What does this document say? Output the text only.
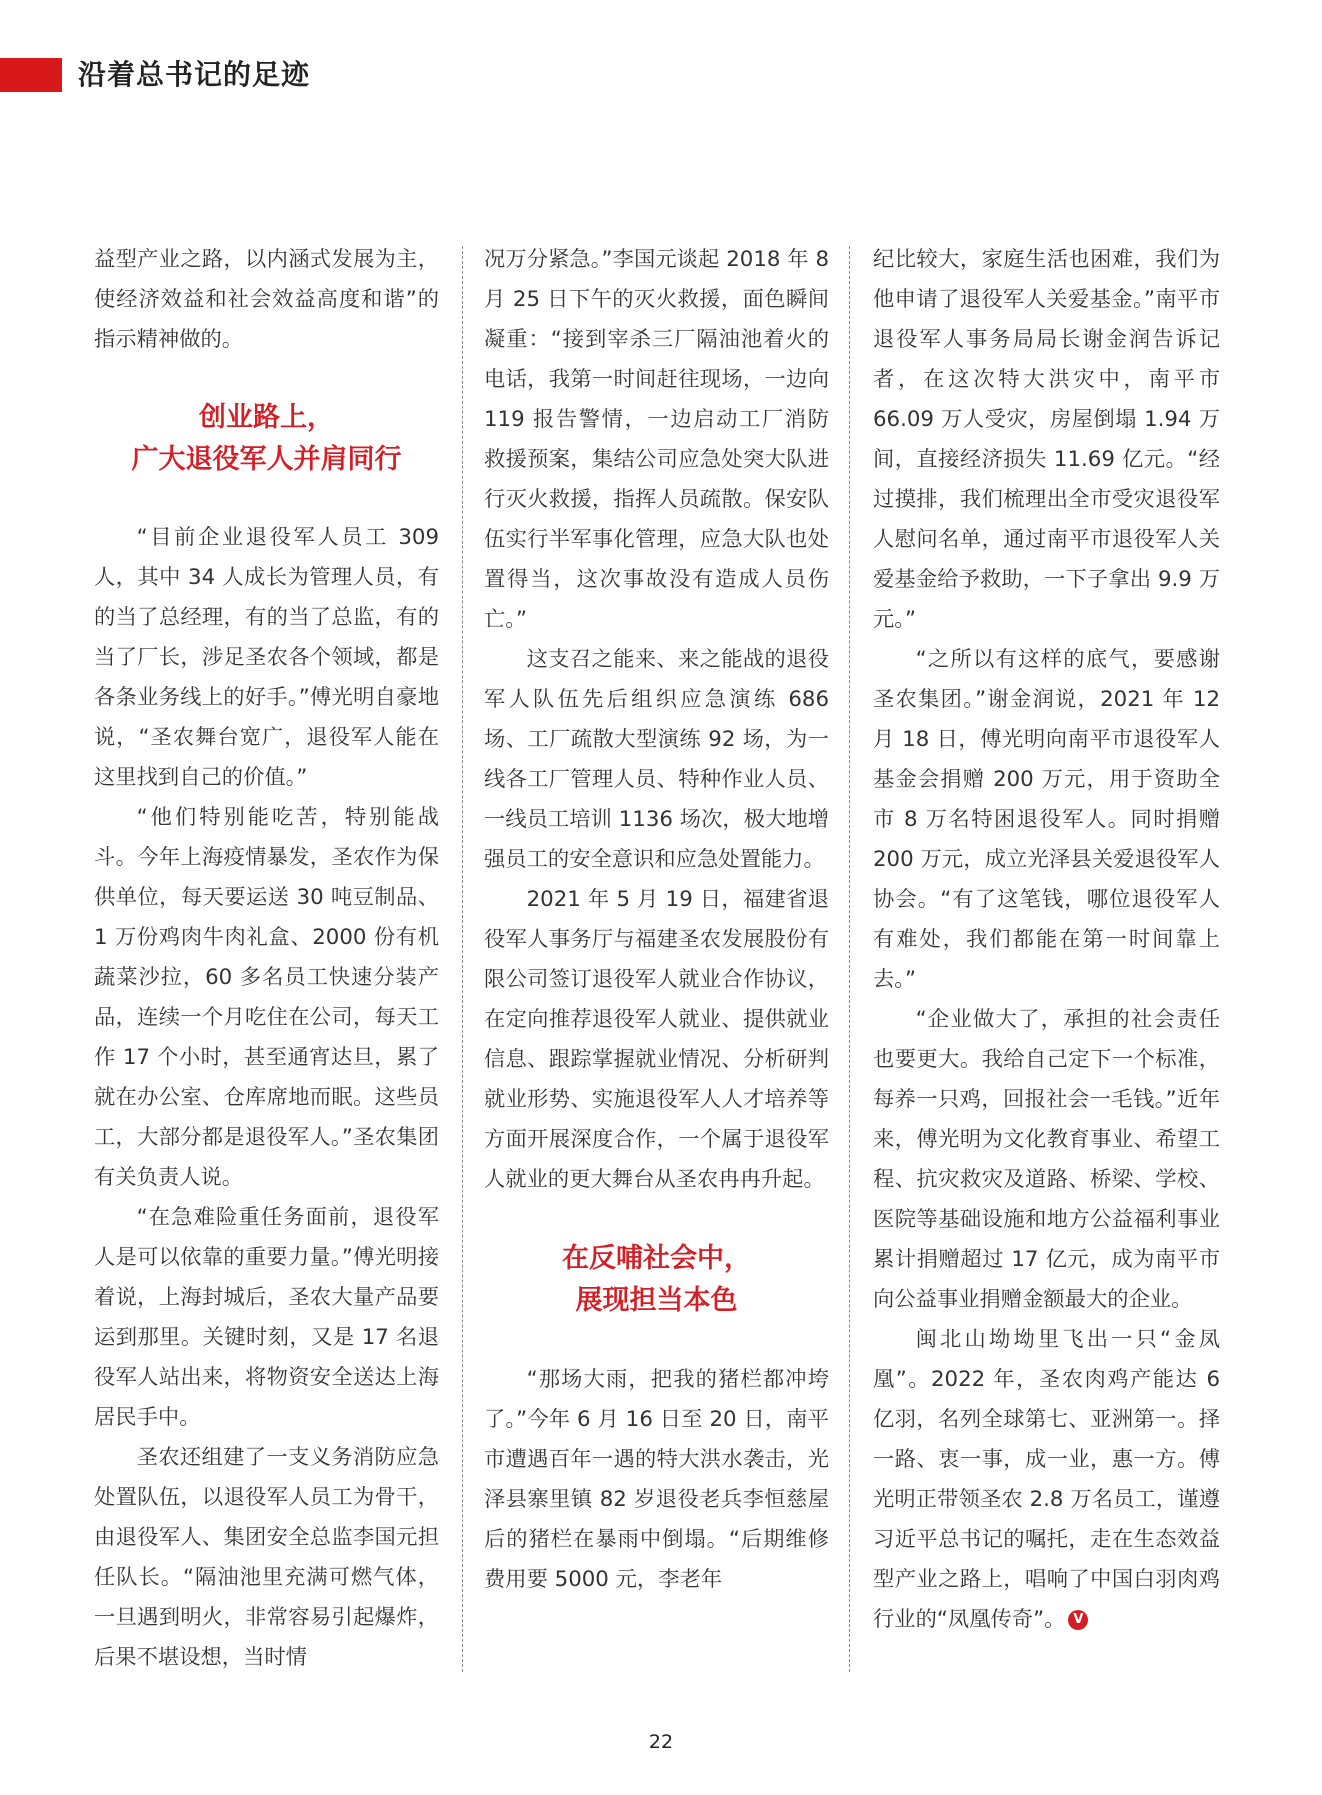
沿着总书记的足迹

益型产业之路，以内涵式发展为主，使经济效益和社会效益高度和谐”的指示精神做的。

创业路上，
广大退役军人并肩同行

“目前企业退役军人员工 309 人，其中 34 人成长为管理人员，有的当了总经理，有的当了总监，有的当了厂长，涉足圣农各个领域，都是各条业务线上的好手。”傅光明自豪地说，“圣农舞台宽广，退役军人能在这里找到自己的价值。”

“他们特别能吃苦，特别能战斗。今年上海疫情暴发，圣农作为保供单位，每天要运送 30 吨豆制品、1 万份鸡肉牛肉礼盒、2000 份有机蔬菜沙拉，60 多名员工快速分装产品，连续一个月吃住在公司，每天工作 17 个小时，甚至通宵达旦，累了就在办公室、仓库席地而眠。这些员工，大部分都是退役军人。”圣农集团有关负责人说。

“在急难险重任务面前，退役军人是可以依靠的重要力量。”傅光明接着说，上海封城后，圣农大量产品要运到那里。关键时刻，又是 17 名退役军人站出来，将物资安全送达上海居民手中。

圣农还组建了一支义务消防应急处置队伍，以退役军人员工为骨干，由退役军人、集团安全总监李国元担任队长。“隔油池里充满可燃气体，一旦遇到明火，非常容易引起爆炸，后果不堪设想，当时情

况万分紧急。”李国元谈起 2018 年 8 月 25 日下午的灭火救援，面色瞬间凝重：“接到宰杀三厂隔油池着火的电话，我第一时间赶往现场，一边向 119 报告警情，一边启动工厂消防救援预案，集结公司应急处突大队进行灭火救援，指挥人员疏散。保安队伍实行半军事化管理，应急大队也处置得当，这次事故没有造成人员伤亡。”

这支召之能来、来之能战的退役军人队伍先后组织应急演练 686 场、工厂疏散大型演练 92 场，为一线各工厂管理人员、特种作业人员、一线员工培训 1136 场次，极大地增强员工的安全意识和应急处置能力。

2021 年 5 月 19 日，福建省退役军人事务厅与福建圣农发展股份有限公司签订退役军人就业合作协议，在定向推荐退役军人就业、提供就业信息、跟踪掌握就业情况、分析研判就业形势、实施退役军人人才培养等方面开展深度合作，一个属于退役军人就业的更大舞台从圣农冉冉升起。

在反哺社会中，
展现担当本色

“那场大雨，把我的猪栏都冲垮了。”今年 6 月 16 日至 20 日，南平市遭遇百年一遇的特大洪水袭击，光泽县寨里镇 82 岁退役老兵李恒慈屋后的猪栏在暴雨中倒塌。“后期维修费用要 5000 元，李老年

纪比较大，家庭生活也困难，我们为他申请了退役军人关爱基金。”南平市退役军人事务局局长谢金润告诉记者，在这次特大洪灾中，南平市 66.09 万人受灾，房屋倒塌 1.94 万间，直接经济损失 11.69 亿元。“经过摸排，我们梳理出全市受灾退役军人慰问名单，通过南平市退役军人关爱基金给予救助，一下子拿出 9.9 万元。”

“之所以有这样的底气，要感谢圣农集团。”谢金润说，2021 年 12 月 18 日，傅光明向南平市退役军人基金会捐赠 200 万元，用于资助全市 8 万名特困退役军人。同时捐赠 200 万元，成立光泽县关爱退役军人协会。“有了这笔钱，哪位退役军人有难处，我们都能在第一时间靠上去。”

“企业做大了，承担的社会责任也要更大。我给自己定下一个标准，每养一只鸡，回报社会一毛钱。”近年来，傅光明为文化教育事业、希望工程、抗灾救灾及道路、桥梁、学校、医院等基础设施和地方公益福利事业累计捐赠超过 17 亿元，成为南平市向公益事业捐赠金额最大的企业。

闽北山坳坳里飞出一只“金凤凰”。2022 年，圣农肉鸡产能达 6 亿羽，名列全球第七、亚洲第一。择一路、衷一事，成一业，惠一方。傅光明正带领圣农 2.8 万名员工，谨遵习近平总书记的嘱托，走在生态效益型产业之路上，唱响了中国白羽肉鸡行业的“凤凰传奇”。 V

22
